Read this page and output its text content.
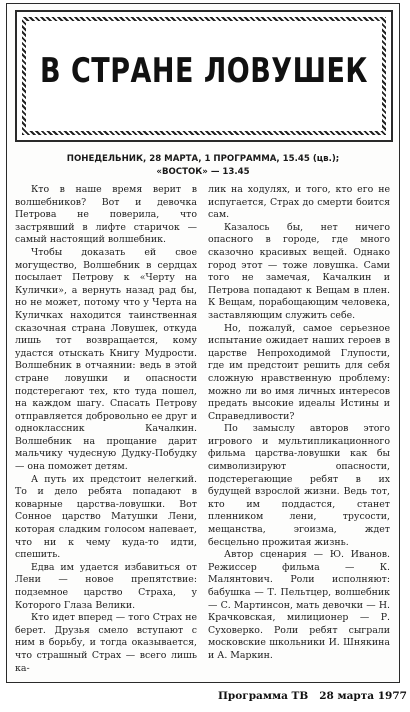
В СТРАНЕ ЛОВУШЕК
ПОНЕДЕЛЬНИК, 28 МАРТА, 1 ПРОГРАММА, 15.45 (цв.);
«ВОСТОК» — 13.45

Кто в наше время верит в волшебников? Вот и девочка Петрова не поверила, что застрявший в лифте старичок — самый настоящий волшебник.

Чтобы доказать ей свое могущество, Волшебник в сердцах посылает Петрову к «Черту на Кулички», а вернуть назад рад бы, но не может, потому что у Черта на Куличках находится таинственная сказочная страна Ловушек, откуда лишь тот возвращается, кому удастся отыскать Книгу Мудрости. Волшебник в отчаянии: ведь в этой стране ловушки и опасности подстерегают тех, кто туда пошел, на каждом шагу. Спасать Петрову отправляется добровольно ее друг и одноклассник Качалкин. Волшебник на прощание дарит мальчику чудесную Дудку-Побудку — она поможет детям.

А путь их предстоит нелегкий. То и дело ребята попадают в коварные царства-ловушки. Вот Сонное царство Матушки Лени, которая сладким голосом напевает, что ни к чему куда-то идти, спешить.

Едва им удается избавиться от Лени — новое препятствие: подземное царство Страха, у Которого Глаза Велики.

Кто идет вперед — того Страх не берет. Друзья смело вступают с ним в борьбу, и тогда оказывается, что страшный Страх — всего лишь ка-

лик на ходулях, и того, кто его не испугается, Страх до смерти боится сам.

Казалось бы, нет ничего опасного в городе, где много сказочно красивых вещей. Однако город этот — тоже ловушка. Сами того не замечая, Качалкин и Петрова попадают к Вещам в плен. К Вещам, порабощающим человека, заставляющим служить себе.

Но, пожалуй, самое серьезное испытание ожидает наших героев в царстве Непроходимой Глупости, где им предстоит решить для себя сложную нравственную проблему: можно ли во имя личных интересов предать высокие идеалы Истины и Справедливости?

По замыслу авторов этого игрового и мультипликационного фильма царства-ловушки как бы символизируют опасности, подстерегающие ребят в их будущей взрослой жизни. Ведь тот, кто им поддастся, станет пленником лени, трусости, мещанства, эгоизма, ждет бесцельно прожитая жизнь.

Автор сценария — Ю. Иванов. Режиссер фильма — К. Малянтович. Роли исполняют: бабушка — Т. Пельтцер, волшебник — С. Мартинсон, мать девочки — Н. Крачковская, милиционер — Р. Суховерко. Роли ребят сыграли московские школьники И. Шнякина и А. Маркин.

Программа ТВ 28 марта 1977
